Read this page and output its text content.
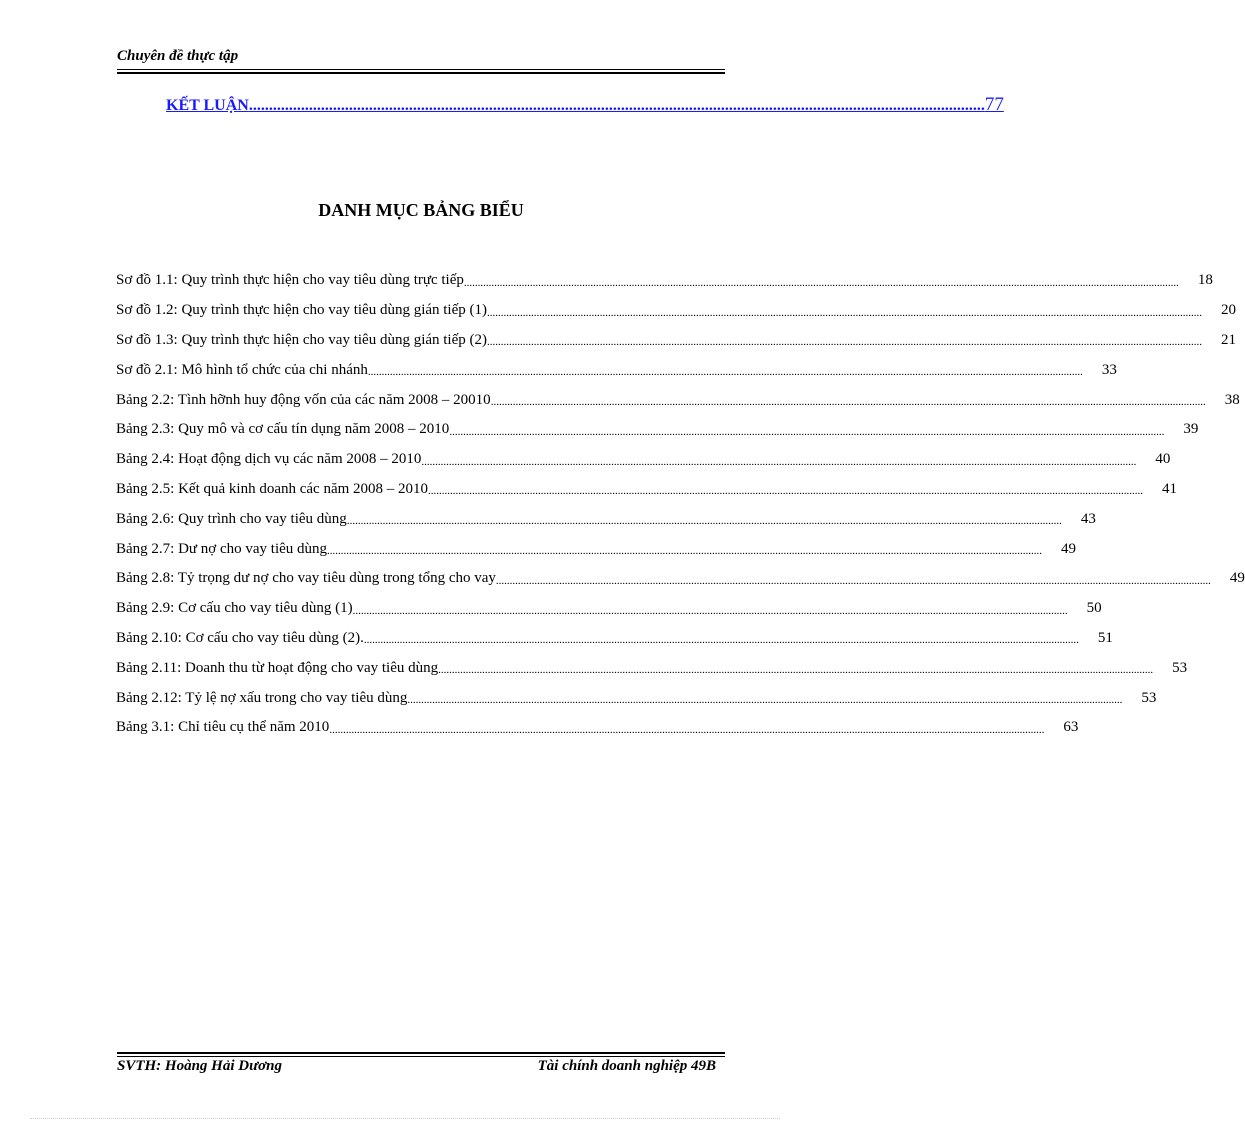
Chuyên đề thực tập
KẾT LUẬN ........................................................................................................................................................................................ 77
DANH MỤC BẢNG BIỂU
Sơ đồ 1.1: Quy trình thực hiện cho vay tiêu dùng trực tiếp ....................................................................................................................................................................................................................................................................	18
Sơ đồ 1.2: Quy trình thực hiện cho vay tiêu dùng gián tiếp (1) ....................................................................................................................................................................................................................................................................	20
Sơ đồ 1.3: Quy trình thực hiện cho vay tiêu dùng gián tiếp (2) ....................................................................................................................................................................................................................................................................	21
Sơ đồ 2.1: Mô hình tổ chức của chi nhánh ....................................................................................................................................................................................................................................................................	33
Bảng 2.2: Tình hỡnh huy động vốn của các năm 2008 – 20010 ....................................................................................................................................................................................................................................................................	38
Bảng 2.3: Quy mô và cơ cấu tín dụng năm 2008 – 2010 ....................................................................................................................................................................................................................................................................	39
Bảng 2.4: Hoạt động dịch vụ các năm 2008 – 2010 ....................................................................................................................................................................................................................................................................	40
Bảng 2.5: Kết quả kinh doanh các năm 2008 – 2010 ....................................................................................................................................................................................................................................................................	41
Bảng 2.6: Quy trình cho vay tiêu dùng ....................................................................................................................................................................................................................................................................	43
Bảng 2.7: Dư nợ cho vay tiêu dùng ....................................................................................................................................................................................................................................................................	49
Bảng 2.8: Tỷ trọng dư nợ cho vay tiêu dùng trong tổng cho vay ....................................................................................................................................................................................................................................................................	49
Bảng 2.9: Cơ cấu cho vay tiêu dùng (1) ....................................................................................................................................................................................................................................................................	50
Bảng 2.10: Cơ cấu cho vay tiêu dùng (2). ....................................................................................................................................................................................................................................................................	51
Bảng 2.11: Doanh thu từ hoạt động cho vay tiêu dùng ....................................................................................................................................................................................................................................................................	53
Bảng 2.12: Tỷ lệ nợ xấu trong cho vay tiêu dùng ....................................................................................................................................................................................................................................................................	53
Bảng 3.1: Chỉ tiêu cụ thể năm 2010 ....................................................................................................................................................................................................................................................................	63
SVTH: Hoàng Hải Dương	Tài chính doanh nghiệp 49B
